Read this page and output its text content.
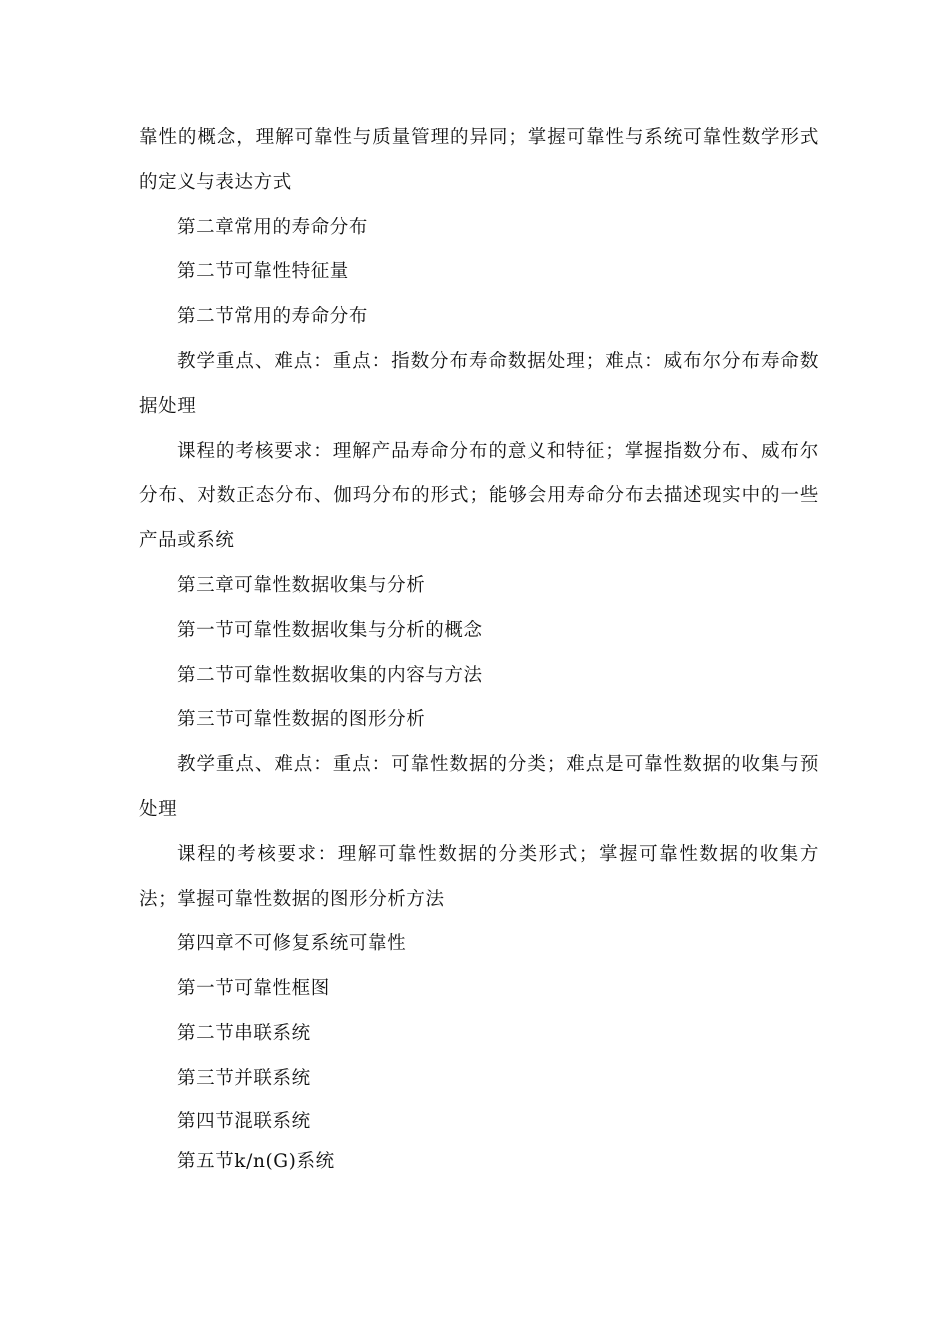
靠性的概念，理解可靠性与质量管理的异同；掌握可靠性与系统可靠性数学形式的定义与表达方式

第二章常用的寿命分布

第二节可靠性特征量

第二节常用的寿命分布

教学重点、难点：重点：指数分布寿命数据处理；难点：威布尔分布寿命数据处理

课程的考核要求：理解产品寿命分布的意义和特征；掌握指数分布、威布尔分布、对数正态分布、伽玛分布的形式；能够会用寿命分布去描述现实中的一些产品或系统

第三章可靠性数据收集与分析

第一节可靠性数据收集与分析的概念

第二节可靠性数据收集的内容与方法

第三节可靠性数据的图形分析

教学重点、难点：重点：可靠性数据的分类；难点是可靠性数据的收集与预处理

课程的考核要求：理解可靠性数据的分类形式；掌握可靠性数据的收集方法；掌握可靠性数据的图形分析方法

第四章不可修复系统可靠性

第一节可靠性框图

第二节串联系统

第三节并联系统

第四节混联系统

第五节k/n(G)系统
